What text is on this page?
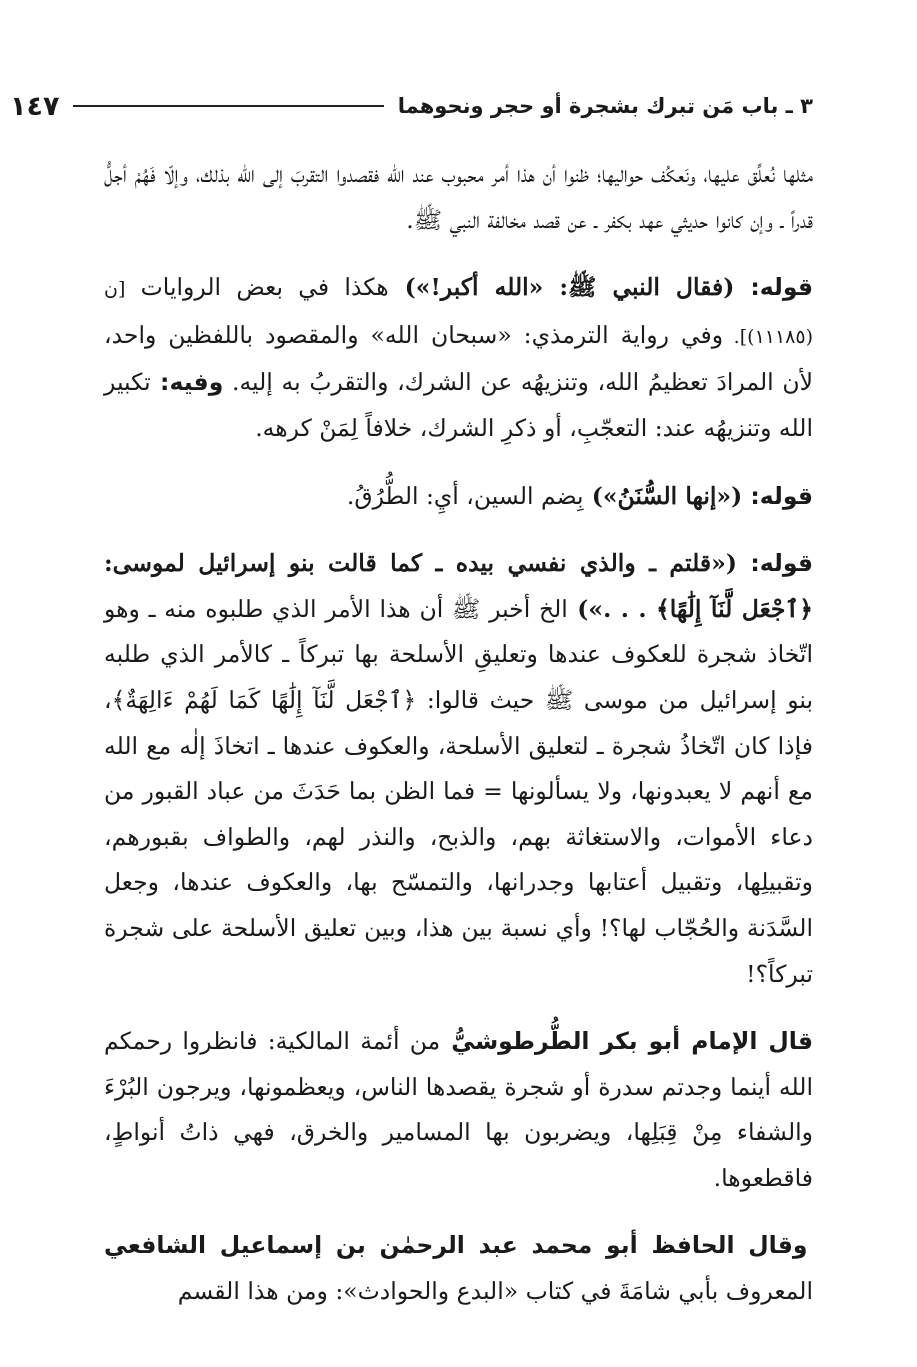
٣ ـ باب مَن تبرك بشجرة أو حجر ونحوهما
١٤٧

مثلها نُعلِّق عليها، ونَعكُف حواليها؛ ظنوا أن هذا أمر محبوب عند الله فقصدوا التقربَ إلى الله بذلك، وإلّا فَهُمْ أجلُّ قدراً ـ وإن كانوا حديثي عهد بكفر ـ عن قصد مخالفة النبي ﷺ.

قوله: (فقال النبي ﷺ: «الله أكبر!») هكذا في بعض الروايات [ن (١١١٨٥)]. وفي رواية الترمذي: «سبحان الله» والمقصود باللفظين واحد، لأن المرادَ تعظيمُ الله، وتنزيهُه عن الشرك، والتقربُ به إليه. وفيه: تكبير الله وتنزيهُه عند: التعجّبِ، أو ذكرِ الشرك، خلافاً لِمَنْ كرهه.

قوله: («إنها السُّنَنُ») بِضم السين، أيِ: الطُّرُقُ.

قوله: («قلتم ـ والذي نفسي بيده ـ كما قالت بنو إسرائيل لموسى: ﴿ٱجْعَل لَّنَآ إِلَٰهًا﴾ . . .») الخ أخبر ﷺ أن هذا الأمر الذي طلبوه منه ـ وهو اتّخاذ شجرة للعكوف عندها وتعليقِ الأسلحة بها تبركاً ـ كالأمر الذي طلبه بنو إسرائيل من موسى ﷺ حيث قالوا: ﴿ٱجْعَل لَّنَآ إِلَٰهًا كَمَا لَهُمْ ءَالِهَةٌ﴾، فإذا كان اتّخاذُ شجرة ـ لتعليق الأسلحة، والعكوف عندها ـ اتخاذَ إلٰه مع الله مع أنهم لا يعبدونها، ولا يسألونها = فما الظن بما حَدَثَ من عباد القبور من دعاء الأموات، والاستغاثة بهم، والذبح، والنذر لهم، والطواف بقبورهم، وتقبيلِها، وتقبيل أعتابها وجدرانها، والتمسّح بها، والعكوف عندها، وجعل السَّدَنة والحُجّاب لها؟! وأي نسبة بين هذا، وبين تعليق الأسلحة على شجرة تبركاً؟!

قال الإمام أبو بكر الطُّرطوشيُّ من أئمة المالكية: فانظروا رحمكم الله أينما وجدتم سدرة أو شجرة يقصدها الناس، ويعظمونها، ويرجون البُرْءَ والشفاء مِنْ قِبَلِها، ويضربون بها المسامير والخرق، فهي ذاتُ أنواطٍ، فاقطعوها.

وقال الحافظ أبو محمد عبد الرحمٰن بن إسماعيل الشافعي المعروف بأبي شامَةَ في كتاب «البدع والحوادث»: ومن هذا القسم
